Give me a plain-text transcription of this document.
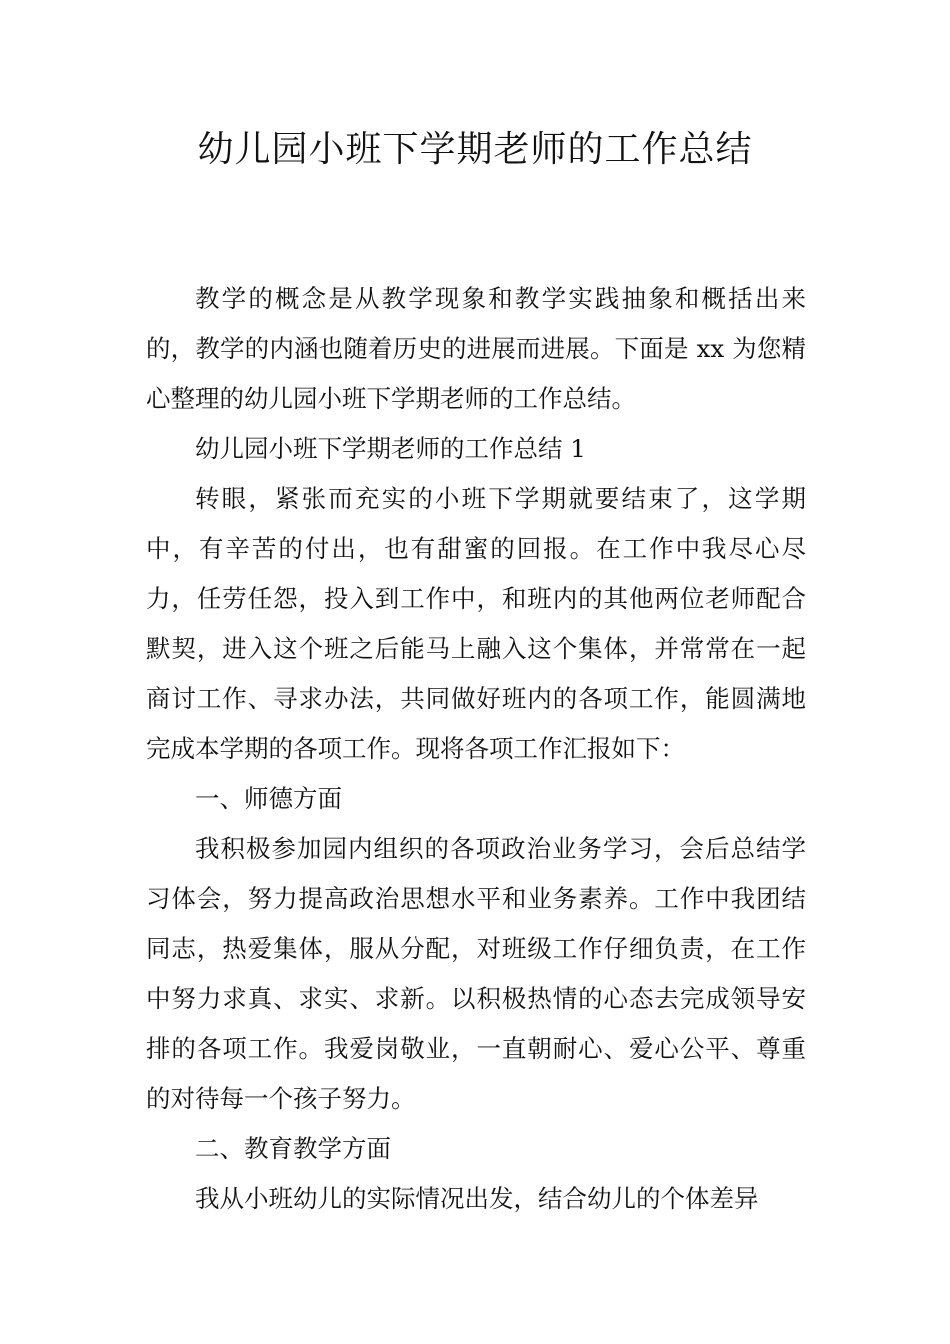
幼儿园小班下学期老师的工作总结

教学的概念是从教学现象和教学实践抽象和概括出来的，教学的内涵也随着历史的进展而进展。下面是 xx 为您精心整理的幼儿园小班下学期老师的工作总结。

幼儿园小班下学期老师的工作总结 1

转眼，紧张而充实的小班下学期就要结束了，这学期中，有辛苦的付出，也有甜蜜的回报。在工作中我尽心尽力，任劳任怨，投入到工作中，和班内的其他两位老师配合默契，进入这个班之后能马上融入这个集体，并常常在一起商讨工作、寻求办法，共同做好班内的各项工作，能圆满地完成本学期的各项工作。现将各项工作汇报如下：

一、师德方面

我积极参加园内组织的各项政治业务学习，会后总结学习体会，努力提高政治思想水平和业务素养。工作中我团结同志，热爱集体，服从分配，对班级工作仔细负责，在工作中努力求真、求实、求新。以积极热情的心态去完成领导安排的各项工作。我爱岗敬业，一直朝耐心、爱心公平、尊重的对待每一个孩子努力。

二、教育教学方面

我从小班幼儿的实际情况出发，结合幼儿的个体差异
